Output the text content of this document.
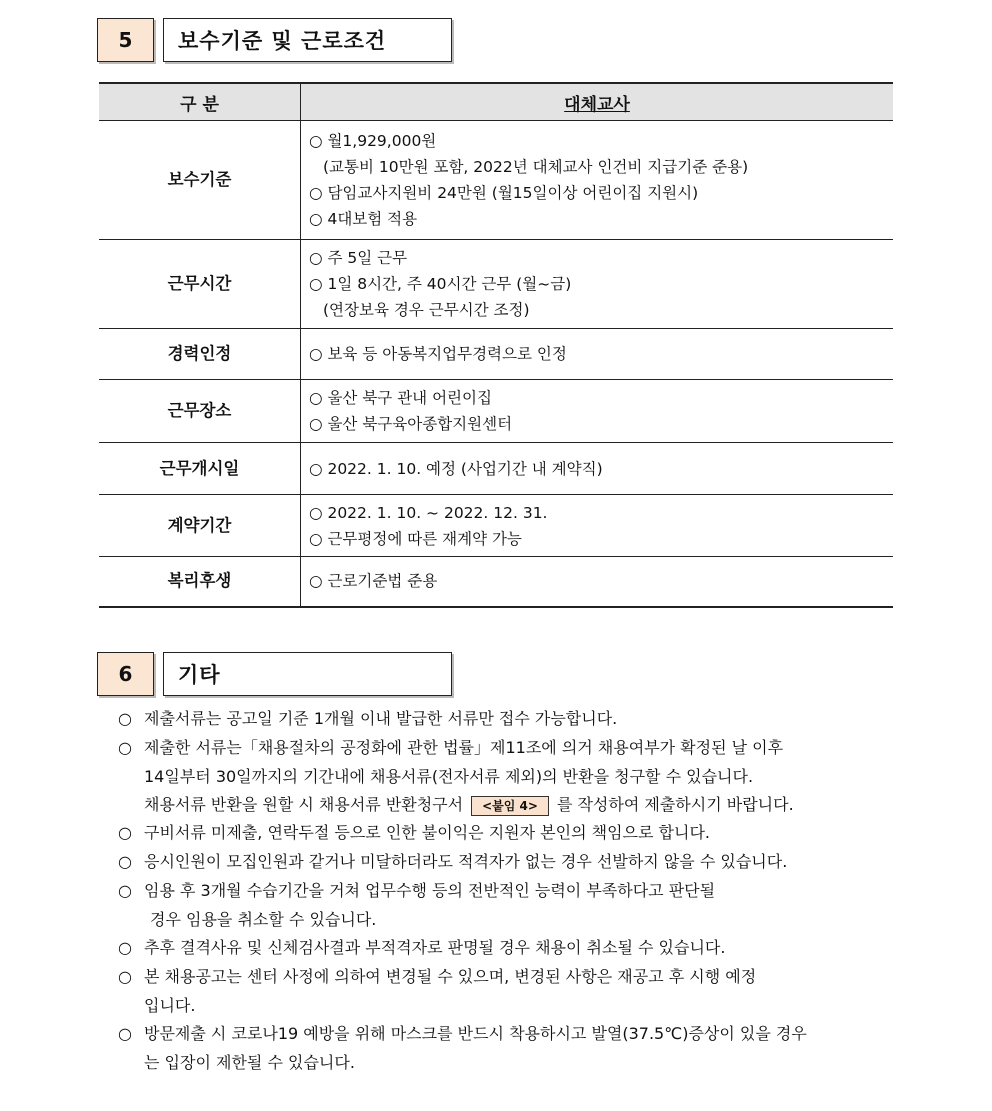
5	보수기준 및 근로조건
구 분	대체교사
보수기준	○ 월1,929,000원
(교통비 10만원 포함, 2022년 대체교사 인건비 지급기준 준용)
○ 담임교사지원비 24만원 (월15일이상 어린이집 지원시)
○ 4대보험 적용

근무시간	○ 주 5일 근무
○ 1일 8시간, 주 40시간 근무 (월~금)
(연장보육 경우 근무시간 조정)

경력인정	○ 보육 등 아동복지업무경력으로 인정

근무장소	○ 울산 북구 관내 어린이집
○ 울산 북구육아종합지원센터

근무개시일	○ 2022. 1. 10. 예정 (사업기간 내 계약직)

계약기간	○ 2022. 1. 10. ~ 2022. 12. 31.
○ 근무평정에 따른 재계약 가능

복리후생	○ 근로기준법 준용
6	기타
○ 제출서류는 공고일 기준 1개월 이내 발급한 서류만 접수 가능합니다.
○ 제출한 서류는「채용절차의 공정화에 관한 법률」제11조에 의거 채용여부가 확정된 날 이후
14일부터 30일까지의 기간내에 채용서류(전자서류 제외)의 반환을 청구할 수 있습니다.
채용서류 반환을 원할 시 채용서류 반환청구서 <붙임 4> 를 작성하여 제출하시기 바랍니다.
○ 구비서류 미제출, 연락두절 등으로 인한 불이익은 지원자 본인의 책임으로 합니다.
○ 응시인원이 모집인원과 같거나 미달하더라도 적격자가 없는 경우 선발하지 않을 수 있습니다.
○ 임용 후 3개월 수습기간을 거쳐 업무수행 등의 전반적인 능력이 부족하다고 판단될
경우 임용을 취소할 수 있습니다.
○ 추후 결격사유 및 신체검사결과 부적격자로 판명될 경우 채용이 취소될 수 있습니다.
○ 본 채용공고는 센터 사정에 의하여 변경될 수 있으며, 변경된 사항은 재공고 후 시행 예정
입니다.
○ 방문제출 시 코로나19 예방을 위해 마스크를 반드시 착용하시고 발열(37.5℃)증상이 있을 경우
는 입장이 제한될 수 있습니다.
